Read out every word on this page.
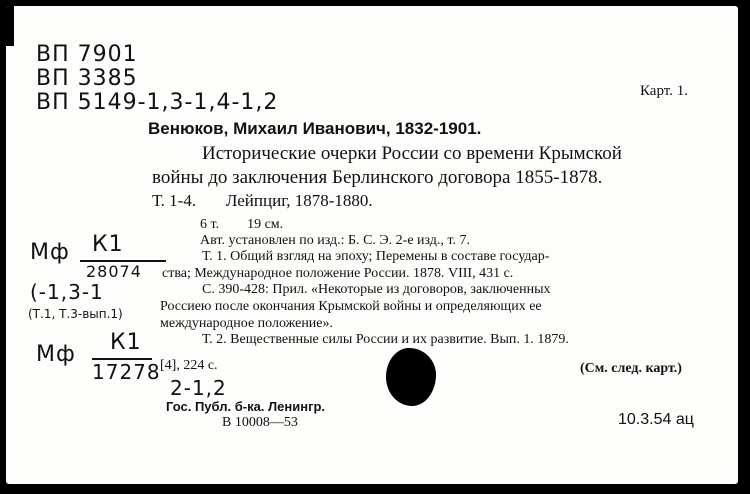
ВП 7901
ВП 3385
ВП 5149-1,3-1,4-1,2	Карт. 1.
Венюков, Михаил Иванович, 1832-1901.
Исторические очерки России со времени Крымской
войны до заключения Берлинского договора 1855-1878.
Т. 1-4.       Лейпциг, 1878-1880.
6 т.        19 см.
Авт. установлен по изд.: Б. С. Э. 2-е изд., т. 7.
Т. 1. Общий взгляд на эпоху; Перемены в составе государ-
ства; Международное положение России. 1878. VIII, 431 с.
С. 390-428: Прил. «Некоторые из договоров, заключенных
Россиею после окончания Крымской войны и определяющих ее
международное положение».
Т. 2. Вещественные силы России и их развитие. Вып. 1. 1879.
[4], 224 с.	(См. след. карт.)
Гос. Публ. б-ка. Ленингр.
В 10008—53	10.3.54 aц
Мф К1
28074
(-1,3-1
(Т.1, Т.3-вып.1)
Мф К1
17278
2-1,2
